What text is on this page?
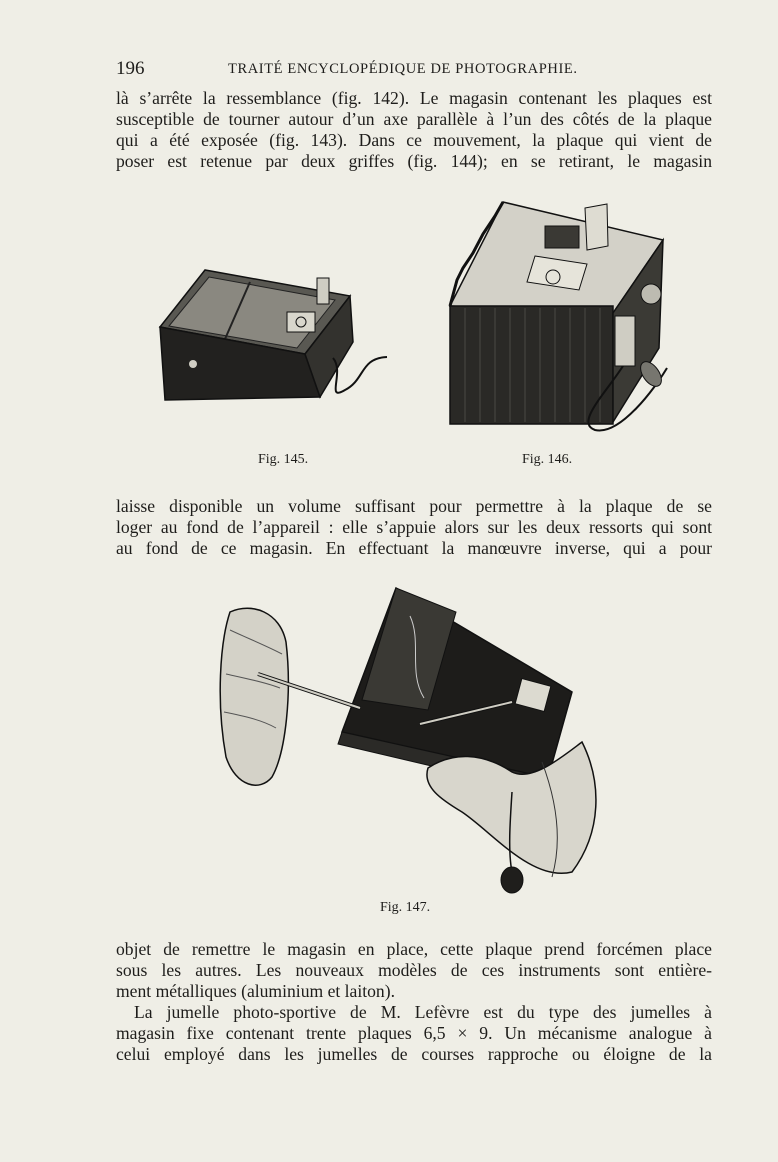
196	TRAITÉ ENCYCLOPÉDIQUE DE PHOTOGRAPHIE.
là s’arrête la ressemblance (fig. 142). Le magasin contenant les plaques est
susceptible de tourner autour d’un axe parallèle à l’un des côtés de la plaque
qui a été exposée (fig. 143). Dans ce mouvement, la plaque qui vient de
poser est retenue par deux griffes (fig. 144); en se retirant, le magasin
Fig. 145.	Fig. 146.
laisse disponible un volume suffisant pour permettre à la plaque de se
loger au fond de l’appareil : elle s’appuie alors sur les deux ressorts qui sont
au fond de ce magasin. En effectuant la manœuvre inverse, qui a pour
Fig. 147.
objet de remettre le magasin en place, cette plaque prend forcémen place
sous les autres. Les nouveaux modèles de ces instruments sont entière-
ment métalliques (aluminium et laiton).
La jumelle photo-sportive de M. Lefèvre est du type des jumelles à
magasin fixe contenant trente plaques 6,5 × 9. Un mécanisme analogue à
celui employé dans les jumelles de courses rapproche ou éloigne de la
